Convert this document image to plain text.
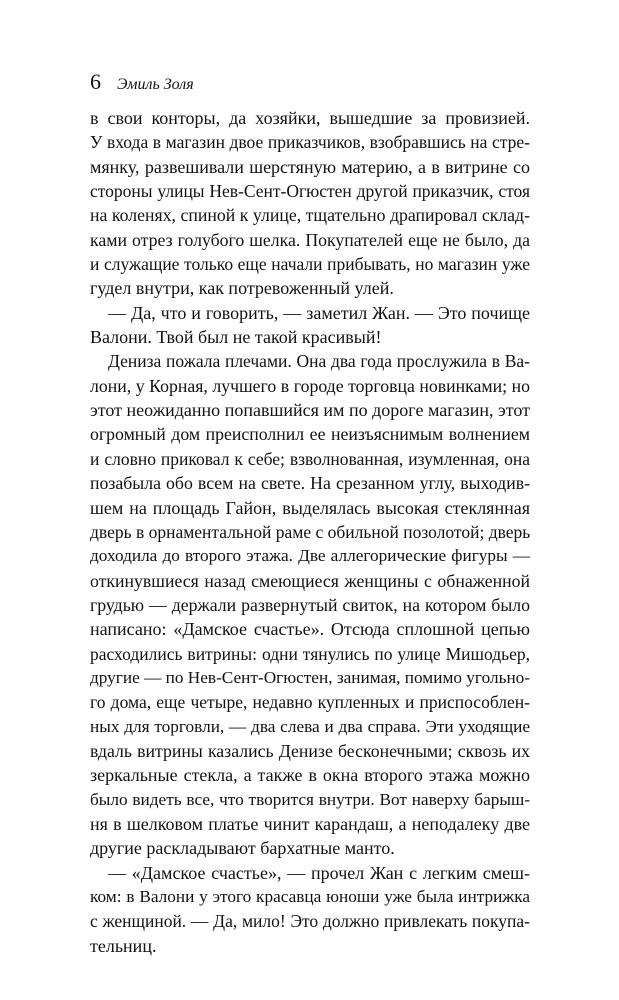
6 Эмиль Золя
в свои конторы, да хозяйки, вышедшие за провизией.
У входа в магазин двое приказчиков, взобравшись на стре-
мянку, развешивали шерстяную материю, а в витрине со
стороны улицы Нев-Сент-Огюстен другой приказчик, стоя
на коленях, спиной к улице, тщательно драпировал склад-
ками отрез голубого шелка. Покупателей еще не было, да
и служащие только еще начали прибывать, но магазин уже
гудел внутри, как потревоженный улей.
— Да, что и говорить, — заметил Жан. — Это почище
Валони. Твой был не такой красивый!
Дениза пожала плечами. Она два года прослужила в Ва-
лони, у Корная, лучшего в городе торговца новинками; но
этот неожиданно попавшийся им по дороге магазин, этот
огромный дом преисполнил ее неизъяснимым волнением
и словно приковал к себе; взволнованная, изумленная, она
позабыла обо всем на свете. На срезанном углу, выходив-
шем на площадь Гайон, выделялась высокая стеклянная
дверь в орнаментальной раме с обильной позолотой; дверь
доходила до второго этажа. Две аллегорические фигуры —
откинувшиеся назад смеющиеся женщины с обнаженной
грудью — держали развернутый свиток, на котором было
написано: «Дамское счастье». Отсюда сплошной цепью
расходились витрины: одни тянулись по улице Мишодьер,
другие — по Нев-Сент-Огюстен, занимая, помимо угольно-
го дома, еще четыре, недавно купленных и приспособлен-
ных для торговли, — два слева и два справа. Эти уходящие
вдаль витрины казались Денизе бесконечными; сквозь их
зеркальные стекла, а также в окна второго этажа можно
было видеть все, что творится внутри. Вот наверху барыш-
ня в шелковом платье чинит карандаш, а неподалеку две
другие раскладывают бархатные манто.
— «Дамское счастье», — прочел Жан с легким смеш-
ком: в Валони у этого красавца юноши уже была интрижка
с женщиной. — Да, мило! Это должно привлекать покупа-
тельниц.
